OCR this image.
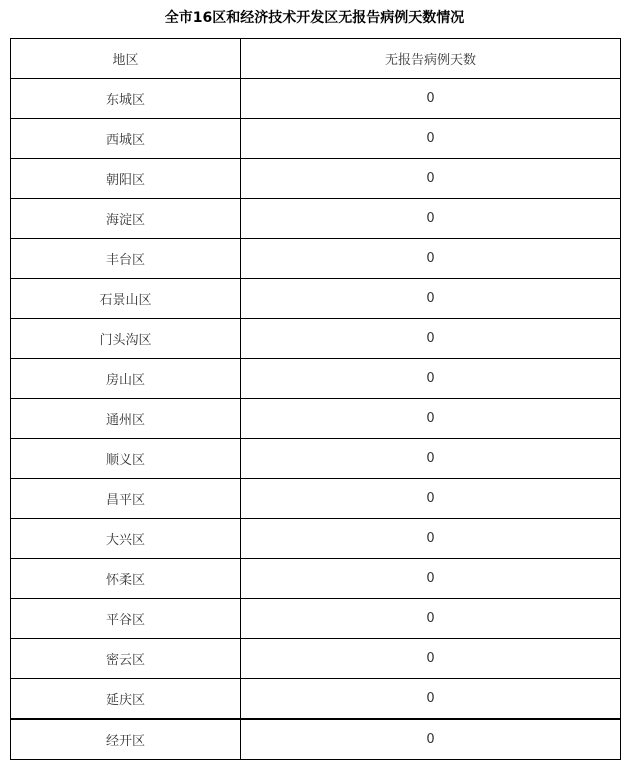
全市16区和经济技术开发区无报告病例天数情况
地区	无报告病例天数
东城区	0
西城区	0
朝阳区	0
海淀区	0
丰台区	0
石景山区	0
门头沟区	0
房山区	0
通州区	0
顺义区	0
昌平区	0
大兴区	0
怀柔区	0
平谷区	0
密云区	0
延庆区	0
经开区	0
